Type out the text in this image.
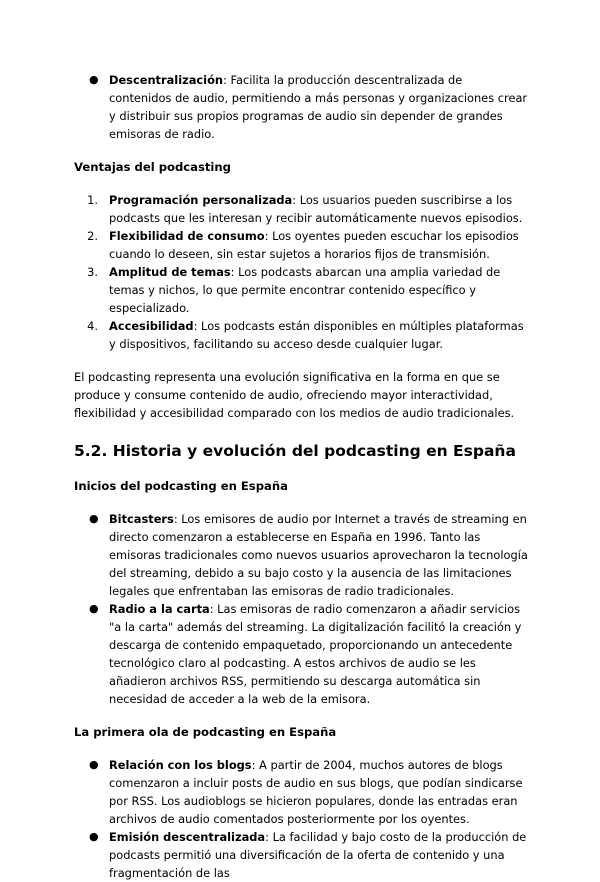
● Descentralización: Facilita la producción descentralizada de contenidos de audio, permitiendo a más personas y organizaciones crear y distribuir sus propios programas de audio sin depender de grandes emisoras de radio.
Ventajas del podcasting
1. Programación personalizada: Los usuarios pueden suscribirse a los podcasts que les interesan y recibir automáticamente nuevos episodios.
2. Flexibilidad de consumo: Los oyentes pueden escuchar los episodios cuando lo deseen, sin estar sujetos a horarios fijos de transmisión.
3. Amplitud de temas: Los podcasts abarcan una amplia variedad de temas y nichos, lo que permite encontrar contenido específico y especializado.
4. Accesibilidad: Los podcasts están disponibles en múltiples plataformas y dispositivos, facilitando su acceso desde cualquier lugar.

El podcasting representa una evolución significativa en la forma en que se produce y consume contenido de audio, ofreciendo mayor interactividad, flexibilidad y accesibilidad comparado con los medios de audio tradicionales.

5.2. Historia y evolución del podcasting en España
Inicios del podcasting en España
● Bitcasters: Los emisores de audio por Internet a través de streaming en directo comenzaron a establecerse en España en 1996. Tanto las emisoras tradicionales como nuevos usuarios aprovecharon la tecnología del streaming, debido a su bajo costo y la ausencia de las limitaciones legales que enfrentaban las emisoras de radio tradicionales.
● Radio a la carta: Las emisoras de radio comenzaron a añadir servicios "a la carta" además del streaming. La digitalización facilitó la creación y descarga de contenido empaquetado, proporcionando un antecedente tecnológico claro al podcasting. A estos archivos de audio se les añadieron archivos RSS, permitiendo su descarga automática sin necesidad de acceder a la web de la emisora.
La primera ola de podcasting en España
● Relación con los blogs: A partir de 2004, muchos autores de blogs comenzaron a incluir posts de audio en sus blogs, que podían sindicarse por RSS. Los audioblogs se hicieron populares, donde las entradas eran archivos de audio comentados posteriormente por los oyentes.
● Emisión descentralizada: La facilidad y bajo costo de la producción de podcasts permitió una diversificación de la oferta de contenido y una fragmentación de las
